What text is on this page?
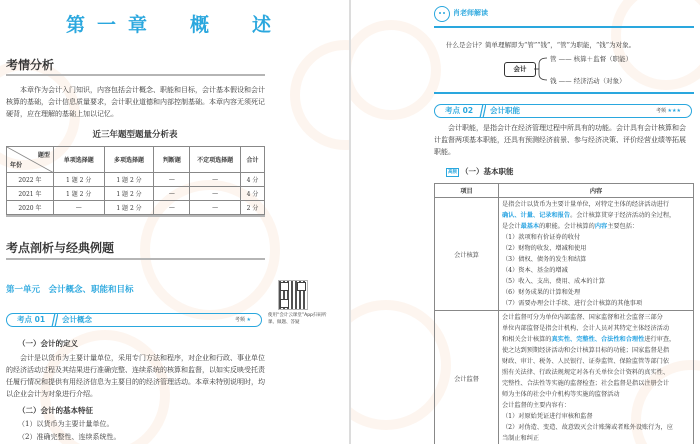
第一章　概　述
考情分析
本章作为会计入门知识，内容包括会计概念、职能和目标，会计基本假设和会计核算的基础，会计信息质量要求，会计职业道德和内部控制基础。本章内容无须死记硬背，应在理解的基础上加以记忆。
近三年题型题量分析表
题型
年份	单项选择题	多项选择题	判断题	不定项选择题	合计
2022 年	1 题 2 分	1 题 2 分	—	—	4 分
2021 年	1 题 2 分	1 题 2 分	—	—	4 分
2020 年	—	1 题 2 分	—	—	2 分
考点剖析与经典例题
第一单元　会计概念、职能和目标
使用“会计云课堂”App扫码听课、做题、答疑
考点 01 会计概念	考频 ★
（一）会计的定义
会计是以货币为主要计量单位，采用专门方法和程序，对企业和行政、事业单位的经济活动过程及其结果进行准确完整、连续系统的核算和监督，以如实反映受托责任履行情况和提供有用经济信息为主要目的的经济管理活动。本章未特别说明时，均以企业会计为对象进行介绍。
（二）会计的基本特征
（1）以货币为主要计量单位。
（2）准确完整性、连续系统性。
肖老师解读
什么是会计？简单理解即为“管”“钱”，“管”为职能，“钱”为对象。
会计
管 —— 核算＋监督（职能）
钱 —— 经济活动（对象）
考点 02 会计职能	考频 ★★★
会计职能，是指会计在经济管理过程中所具有的功能。会计具有会计核算和会计监督两项基本职能，还具有预测经济前景、参与经济决策、评价经营业绩等拓展职能。
高频 （一）基本职能
项目	内容
会计核算	
是指会计以货币为主要计量单位，对特定主体的经济活动进行
确认、计量、记录和报告。会计核算贯穿于经济活动的全过程，
是会计最基本的职能。会计核算的内容主要包括：
（1）款项和有价证券的收付
（2）财物的收发、增减和使用
（3）债权、债务的发生和结算
（4）资本、基金的增减
（5）收入、支出、费用、成本的计算
（6）财务成果的计算和处理
（7）需要办理会计手续、进行会计核算的其他事项

会计监督	
会计监督可分为单位内部监督、国家监督和社会监督三部分
单位内部监督是指会计机构、会计人员对其特定主体经济活动
和相关会计核算的真实性、完整性、合法性和合理性进行审查，
使之达到预期经济活动和会计核算目标的功能；国家监督是指
财政、审计、税务、人民银行、证券监管、保险监管等部门依
照有关法律、行政法规规定对各有关单位会计资料的真实性、
完整性、合法性等实施的监督检查；社会监督是指以注册会计
师为主体的社会中介机构等实施的监督活动
会计监督的主要内容有：
（1）对原始凭证进行审核和监督
（2）对伪造、变造、故意毁灭会计账簿或者账外设账行为，应
当制止和纠正
